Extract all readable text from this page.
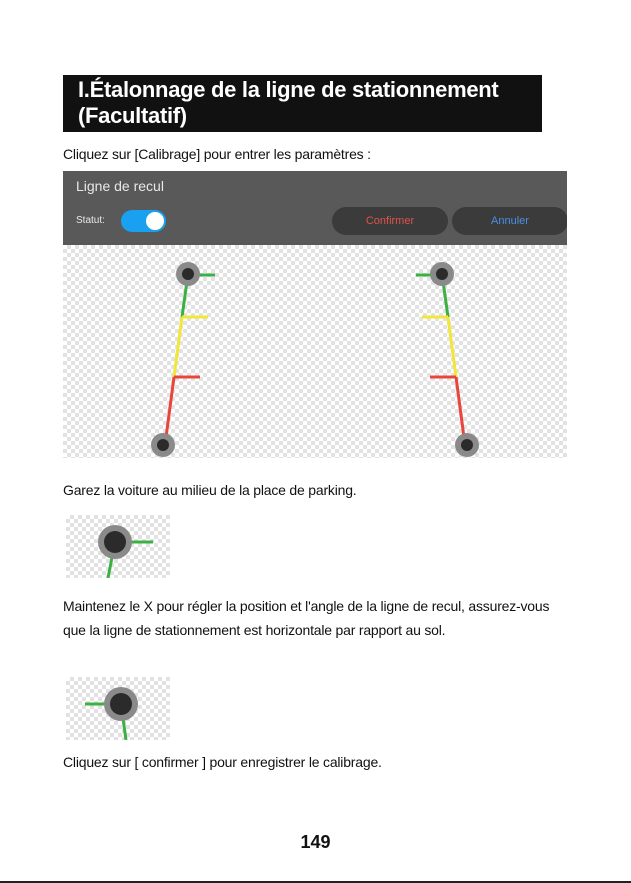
I.Étalonnage de la ligne de stationnement (Facultatif)
Cliquez sur [Calibrage] pour entrer les paramètres :
Ligne de recul
Statut:	Confirmer	Annuler
Garez la voiture au milieu de la place de parking.
Maintenez le X pour régler la position et l'angle de la ligne de recul, assurez-vous que la ligne de stationnement est horizontale par rapport au sol.
Cliquez sur [ confirmer ] pour enregistrer le calibrage.
149
